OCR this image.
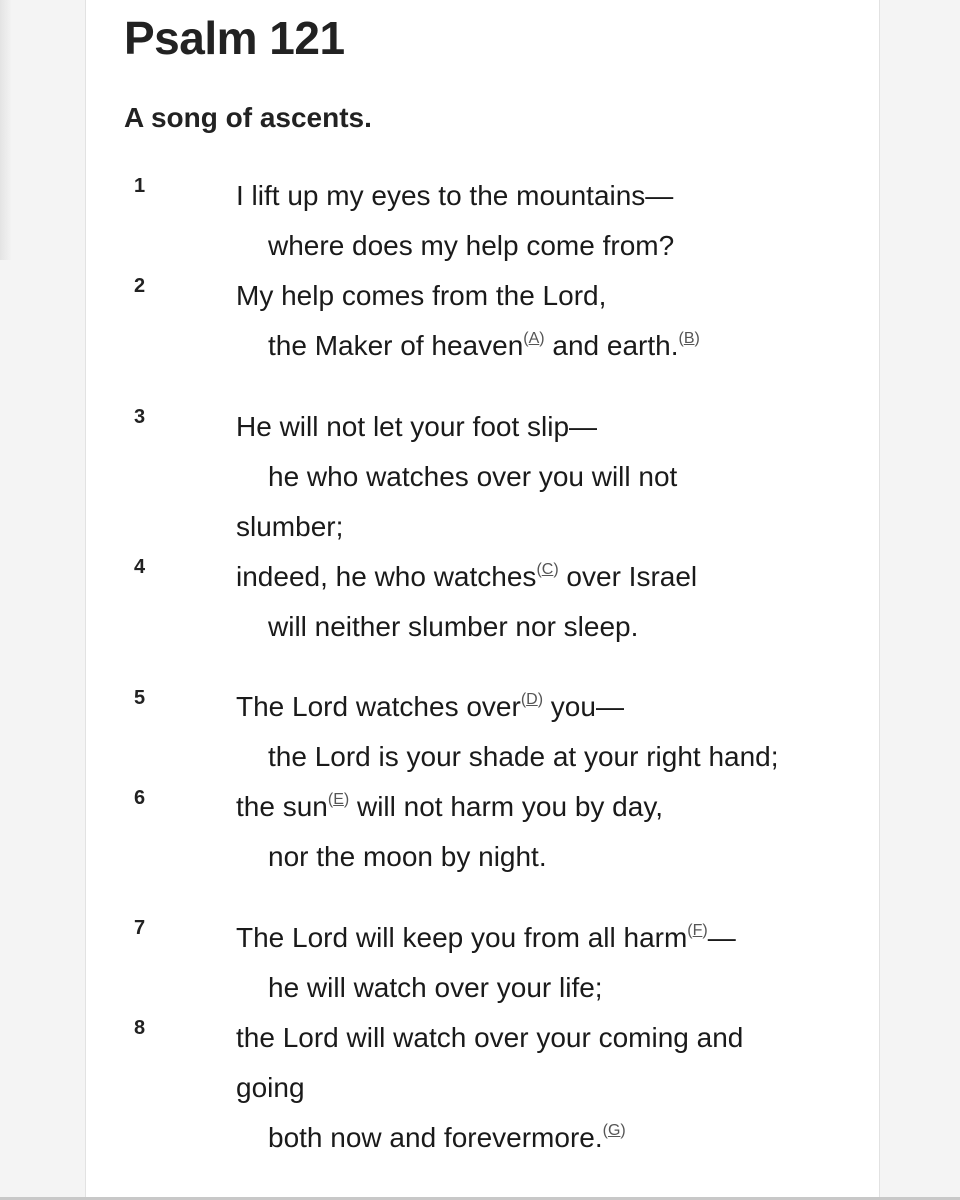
Psalm 121
A song of ascents.
1
2
3
4
5
6
7
8
I lift up my eyes to the mountains—
where does my help come from?
My help comes from the Lord,
the Maker of heaven$^{(A)}$ and earth.$^{(B)}$
He will not let your foot slip—
he who watches over you will not
slumber;
indeed, he who watches$^{(C)}$ over Israel
will neither slumber nor sleep.
The Lord watches over$^{(D)}$ you—
the Lord is your shade at your right hand;
the sun$^{(E)}$ will not harm you by day,
nor the moon by night.
The Lord will keep you from all harm$^{(F)}$—
he will watch over your life;
the Lord will watch over your coming and
going
both now and forevermore.$^{(G)}$
